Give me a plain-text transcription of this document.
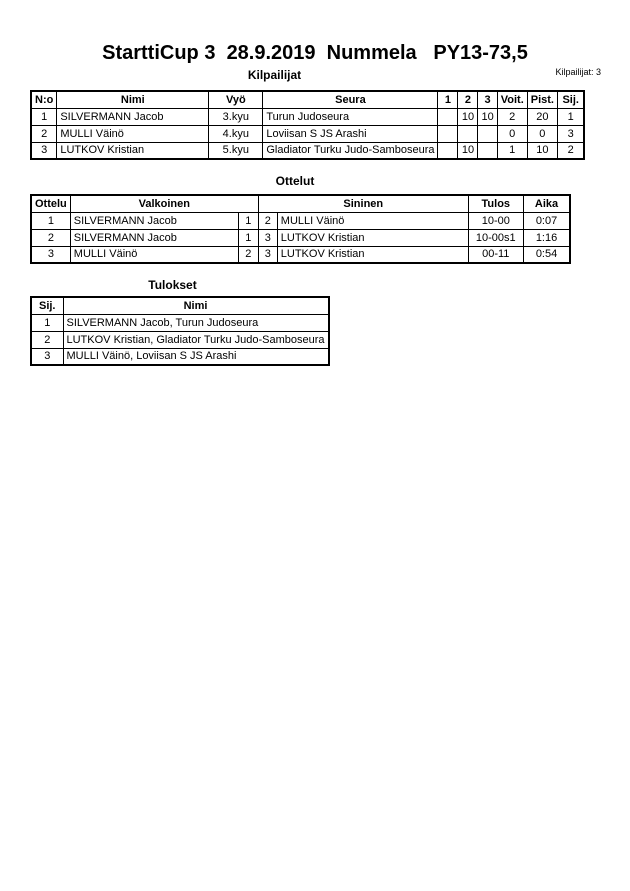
StarttiCup 3  28.9.2019  Nummela   PY13-73,5
Kilpailijat: 3
Kilpailijat
N:o	Nimi	Vyö	Seura	1	2	3	Voit.	Pist.	Sij.
1	SILVERMANN Jacob	3.kyu	Turun Judoseura		10	10	2	20	1
2	MULLI Väinö	4.kyu	Loviisan S JS Arashi				0	0	3
3	LUTKOV Kristian	5.kyu	Gladiator Turku Judo-Samboseura		10		1	10	2
Ottelut
Ottelu	Valkoinen		Sininen		Tulos	Aika
1	SILVERMANN Jacob	1	2	MULLI Väinö	10-00	0:07
2	SILVERMANN Jacob	1	3	LUTKOV Kristian	10-00s1	1:16
3	MULLI Väinö	2	3	LUTKOV Kristian	00-11	0:54
Tulokset
Sij.	Nimi
1	SILVERMANN Jacob, Turun Judoseura
2	LUTKOV Kristian, Gladiator Turku Judo-Samboseura
3	MULLI Väinö, Loviisan S JS Arashi
